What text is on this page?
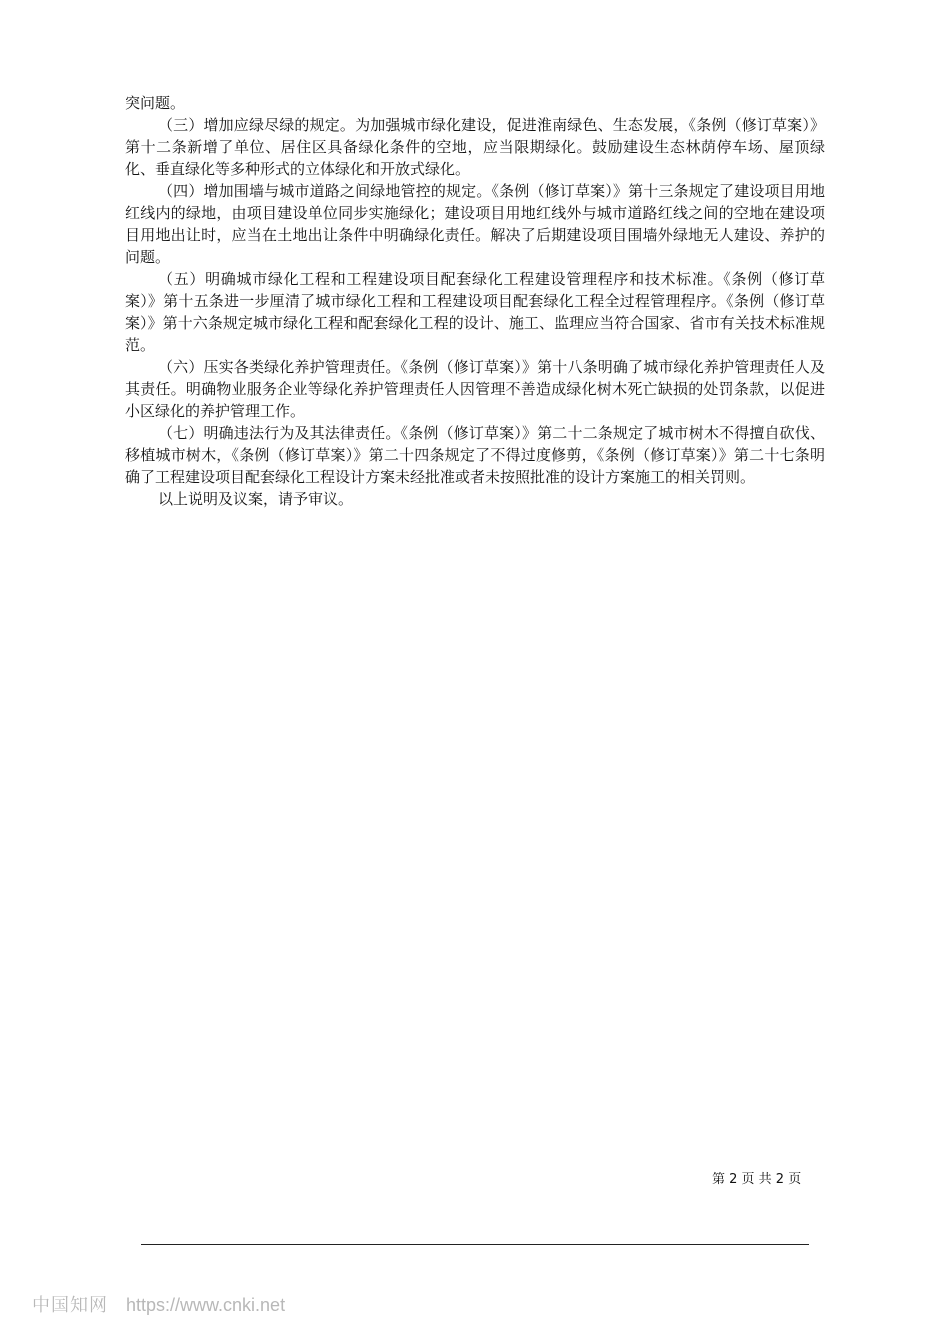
突问题。

（三）增加应绿尽绿的规定。为加强城市绿化建设，促进淮南绿色、生态发展，《条例（修订草案）》第十二条新增了单位、居住区具备绿化条件的空地，应当限期绿化。鼓励建设生态林荫停车场、屋顶绿化、垂直绿化等多种形式的立体绿化和开放式绿化。

（四）增加围墙与城市道路之间绿地管控的规定。《条例（修订草案）》第十三条规定了建设项目用地红线内的绿地，由项目建设单位同步实施绿化；建设项目用地红线外与城市道路红线之间的空地在建设项目用地出让时，应当在土地出让条件中明确绿化责任。解决了后期建设项目围墙外绿地无人建设、养护的问题。

（五）明确城市绿化工程和工程建设项目配套绿化工程建设管理程序和技术标准。《条例（修订草案）》第十五条进一步厘清了城市绿化工程和工程建设项目配套绿化工程全过程管理程序。《条例（修订草案）》第十六条规定城市绿化工程和配套绿化工程的设计、施工、监理应当符合国家、省市有关技术标准规范。

（六）压实各类绿化养护管理责任。《条例（修订草案）》第十八条明确了城市绿化养护管理责任人及其责任。明确物业服务企业等绿化养护管理责任人因管理不善造成绿化树木死亡缺损的处罚条款，以促进小区绿化的养护管理工作。

（七）明确违法行为及其法律责任。《条例（修订草案）》第二十二条规定了城市树木不得擅自砍伐、移植城市树木，《条例（修订草案）》第二十四条规定了不得过度修剪，《条例（修订草案）》第二十七条明确了工程建设项目配套绿化工程设计方案未经批准或者未按照批准的设计方案施工的相关罚则。

以上说明及议案，请予审议。

第 2 页 共 2 页
中国知网 https://www.cnki.net
